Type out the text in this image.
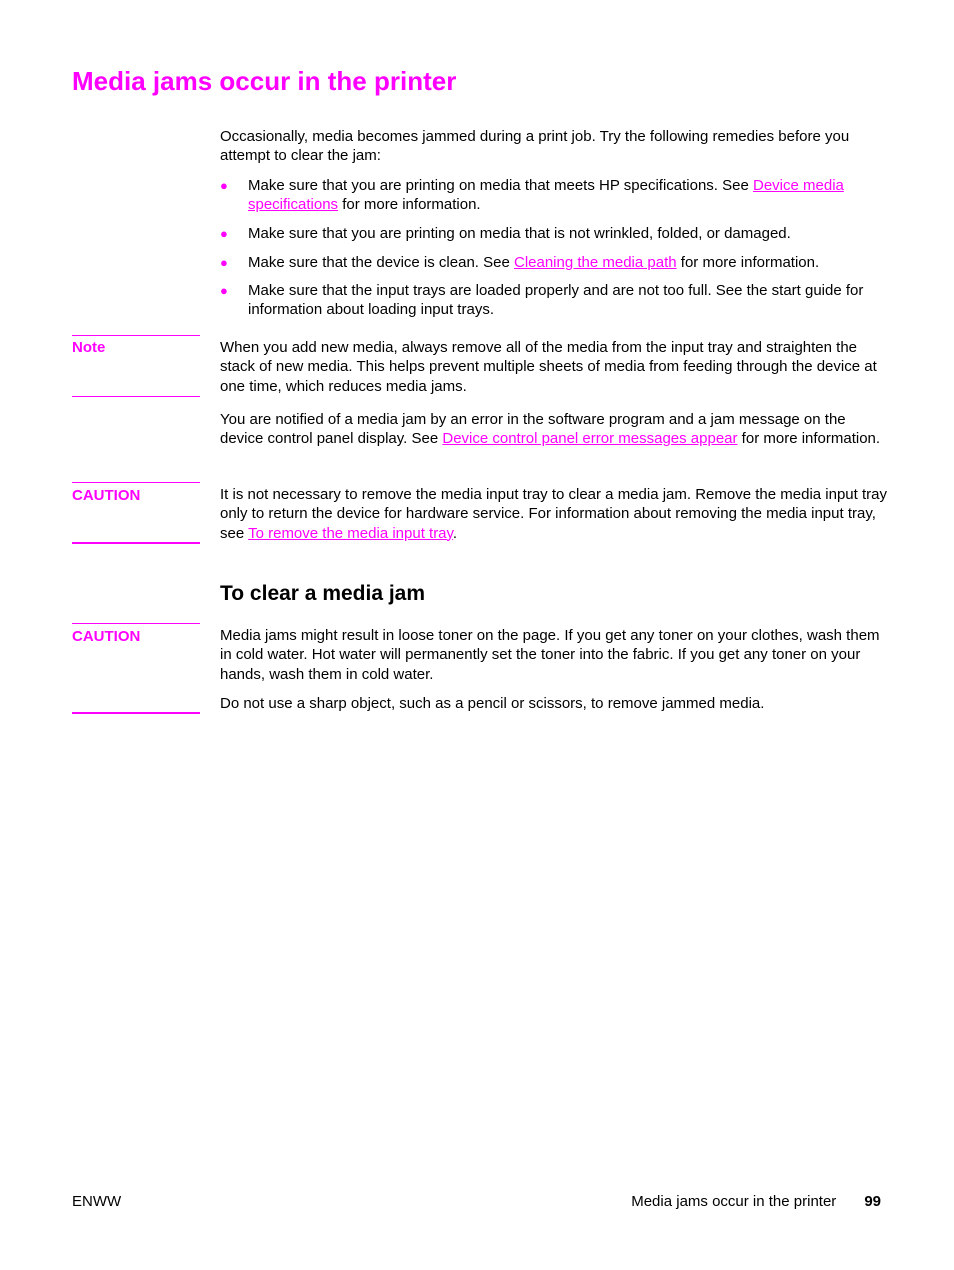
Media jams occur in the printer
Occasionally, media becomes jammed during a print job. Try the following remedies before you attempt to clear the jam:
●	Make sure that you are printing on media that meets HP specifications. See Device media specifications for more information.
●	Make sure that you are printing on media that is not wrinkled, folded, or damaged.
●	Make sure that the device is clean. See Cleaning the media path for more information.
●	Make sure that the input trays are loaded properly and are not too full. See the start guide for information about loading input trays.
Note	When you add new media, always remove all of the media from the input tray and straighten the stack of new media. This helps prevent multiple sheets of media from feeding through the device at one time, which reduces media jams.
You are notified of a media jam by an error in the software program and a jam message on the device control panel display. See Device control panel error messages appear for more information.
CAUTION	It is not necessary to remove the media input tray to clear a media jam. Remove the media input tray only to return the device for hardware service. For information about removing the media input tray, see To remove the media input tray.
To clear a media jam
CAUTION	Media jams might result in loose toner on the page. If you get any toner on your clothes, wash them in cold water. Hot water will permanently set the toner into the fabric. If you get any toner on your hands, wash them in cold water.
Do not use a sharp object, such as a pencil or scissors, to remove jammed media.
ENWW	Media jams occur in the printer 99
